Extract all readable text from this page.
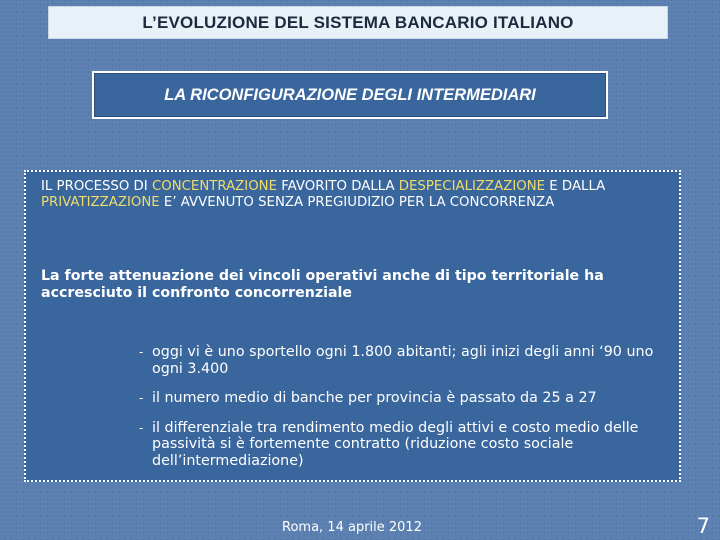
L’EVOLUZIONE DEL SISTEMA BANCARIO ITALIANO
LA RICONFIGURAZIONE DEGLI INTERMEDIARI
IL PROCESSO DI CONCENTRAZIONE FAVORITO DALLA DESPECIALIZZAZIONE E DALLA PRIVATIZZAZIONE E’ AVVENUTO SENZA PREGIUDIZIO PER LA CONCORRENZA
La forte attenuazione dei vincoli operativi anche di tipo territoriale ha accresciuto il confronto concorrenziale
- oggi vi è uno sportello ogni 1.800 abitanti; agli inizi degli anni ‘90 uno ogni 3.400
- il numero medio di banche per provincia è passato da 25 a 27
- il differenziale tra rendimento medio degli attivi e costo medio delle passività si è fortemente contratto (riduzione costo sociale dell’intermediazione)
Roma, 14 aprile 2012	7
